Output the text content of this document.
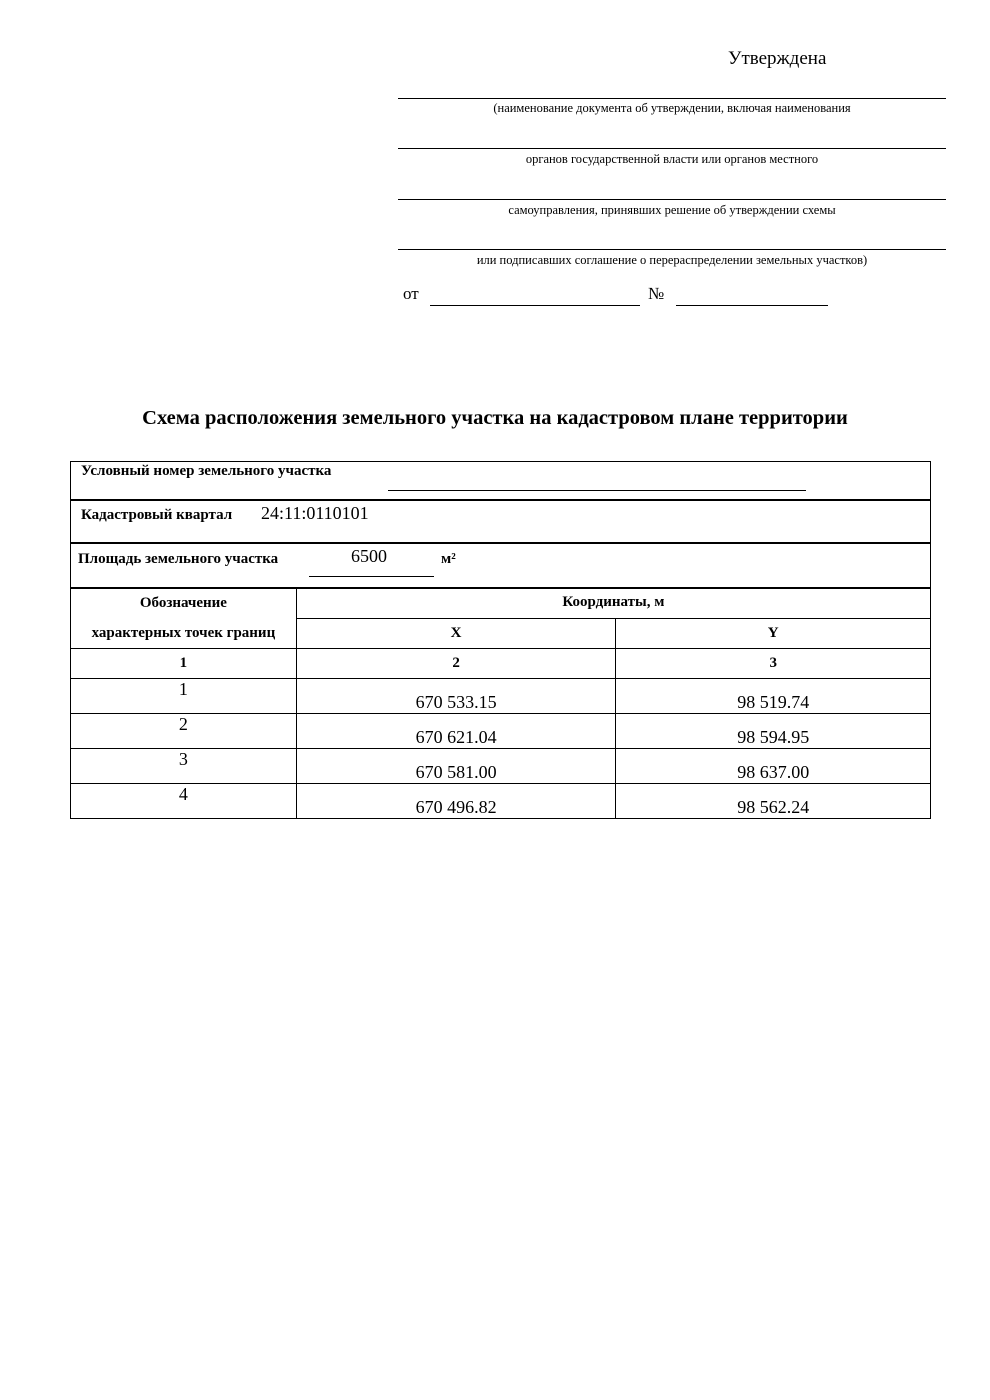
Утверждена
(наименование документа об утверждении, включая наименования
органов государственной власти или органов местного
самоуправления, принявших решение об утверждении схемы
или подписавших соглашение о перераспределении земельных участков)
от	№
Схема расположения земельного участка на кадастровом плане территории
Условный номер земельного участка
Кадастровый квартал 24:11:0110101
Площадь земельного участка	6500	м²
Обозначение
характерных точек границ	Координаты, м	
	X	Y
1	2	3
1	670 533.15	98 519.74
2	670 621.04	98 594.95
3	670 581.00	98 637.00
4	670 496.82	98 562.24
